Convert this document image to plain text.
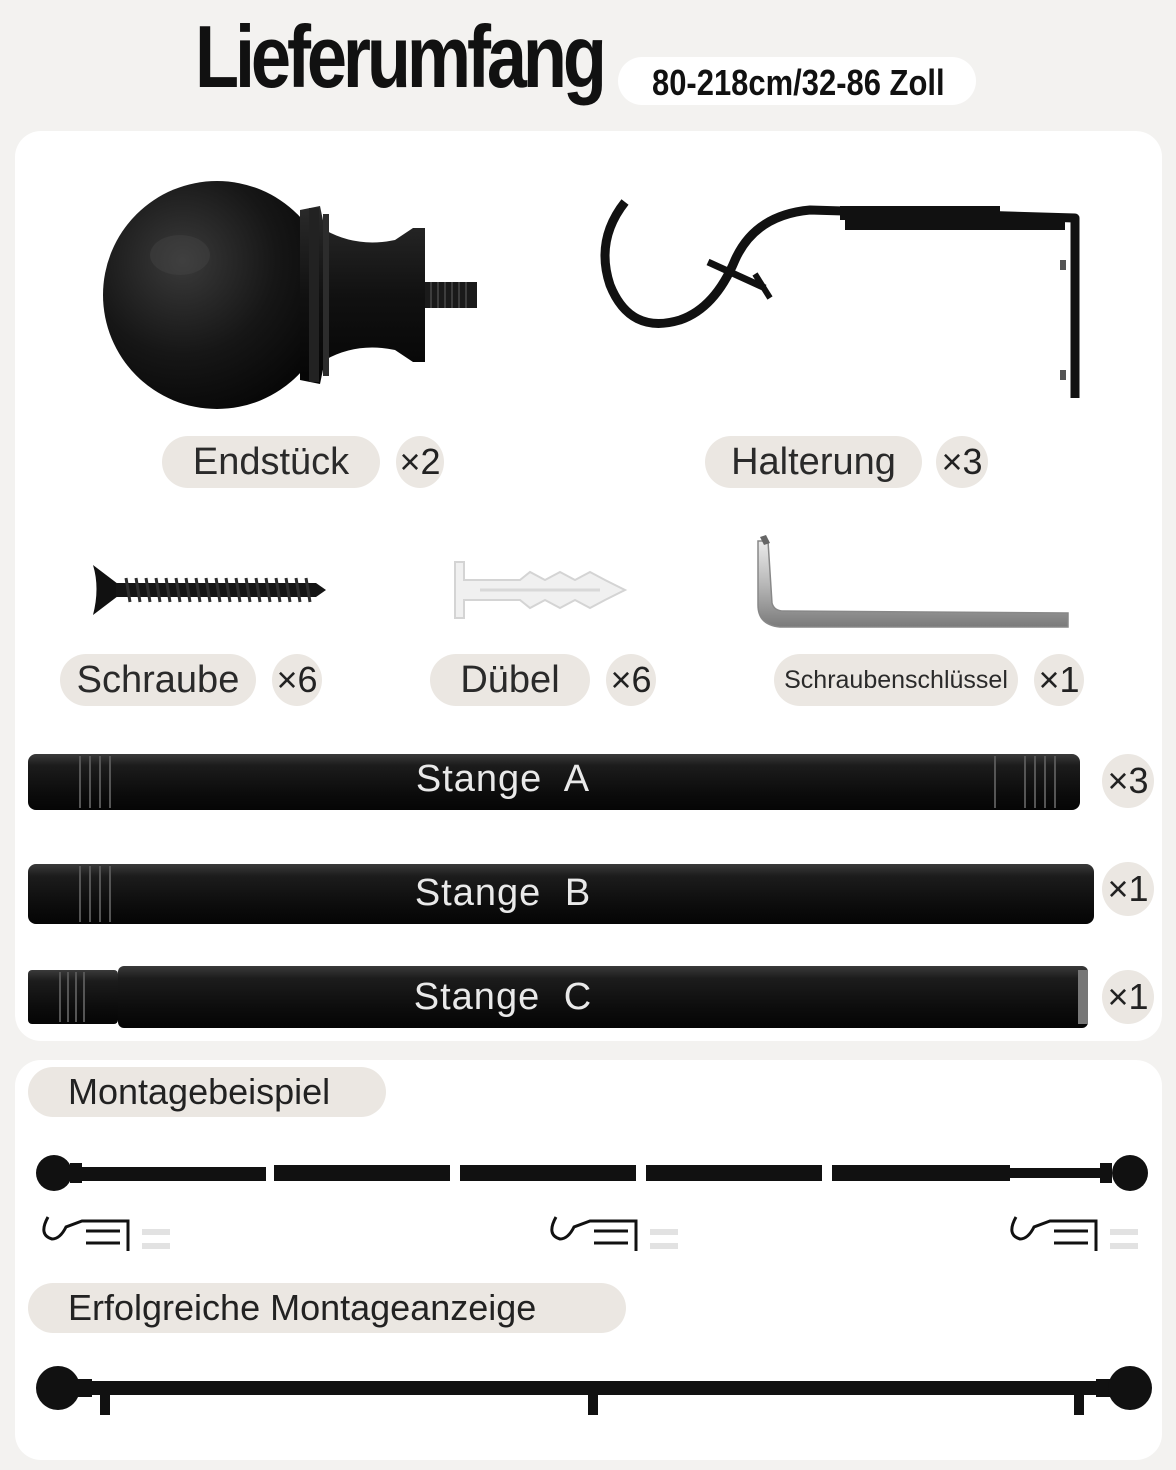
Lieferumfang 80-218cm/32-86 Zoll
Endstück	×2	Halterung	×3
Schraube	×6	Dübel	×6	Schraubenschlüssel ×1
Stange A	×3
Stange B	×1
Stange C	×1
Montagebeispiel
Erfolgreiche Montageanzeige
